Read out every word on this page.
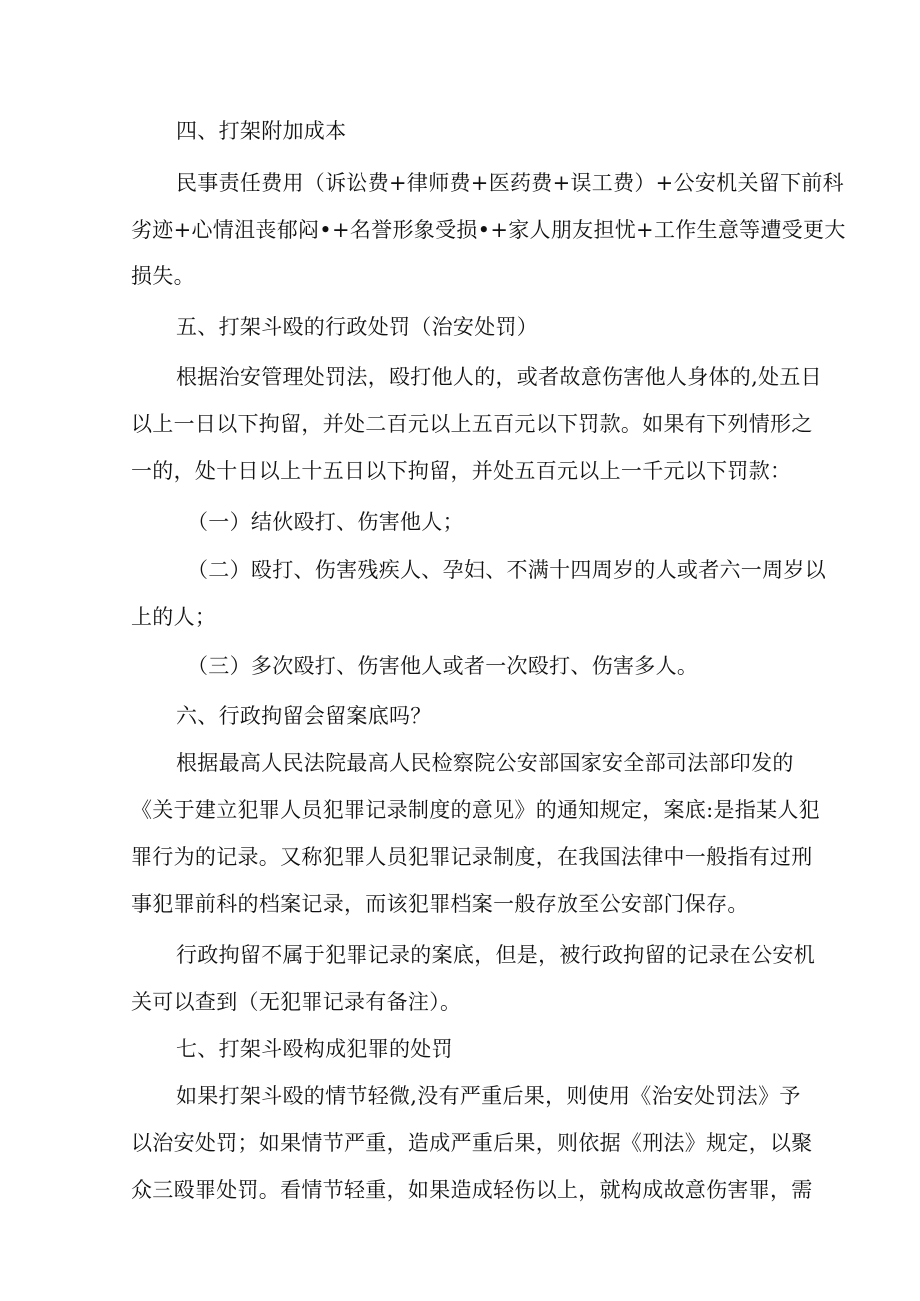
四、打架附加成本
民事责任费用（诉讼费+律师费+医药费+误工费）+公安机关留下前科
劣迹+心情沮丧郁闷•+名誉形象受损•+家人朋友担忧+工作生意等遭受更大
损失。
五、打架斗殴的行政处罚（治安处罚）
根据治安管理处罚法，殴打他人的，或者故意伤害他人身体的,处五日
以上一日以下拘留，并处二百元以上五百元以下罚款。如果有下列情形之
一的，处十日以上十五日以下拘留，并处五百元以上一千元以下罚款：
（一）结伙殴打、伤害他人；
（二）殴打、伤害残疾人、孕妇、不满十四周岁的人或者六一周岁以
上的人；
（三）多次殴打、伤害他人或者一次殴打、伤害多人。
六、行政拘留会留案底吗？
根据最高人民法院最高人民检察院公安部国家安全部司法部印发的
《关于建立犯罪人员犯罪记录制度的意见》的通知规定，案底:是指某人犯
罪行为的记录。又称犯罪人员犯罪记录制度，在我国法律中一般指有过刑
事犯罪前科的档案记录，而该犯罪档案一般存放至公安部门保存。
行政拘留不属于犯罪记录的案底，但是，被行政拘留的记录在公安机
关可以查到（无犯罪记录有备注）。
七、打架斗殴构成犯罪的处罚
如果打架斗殴的情节轻微,没有严重后果，则使用《治安处罚法》予
以治安处罚；如果情节严重，造成严重后果，则依据《刑法》规定，以聚
众三殴罪处罚。看情节轻重，如果造成轻伤以上，就构成故意伤害罪，需
